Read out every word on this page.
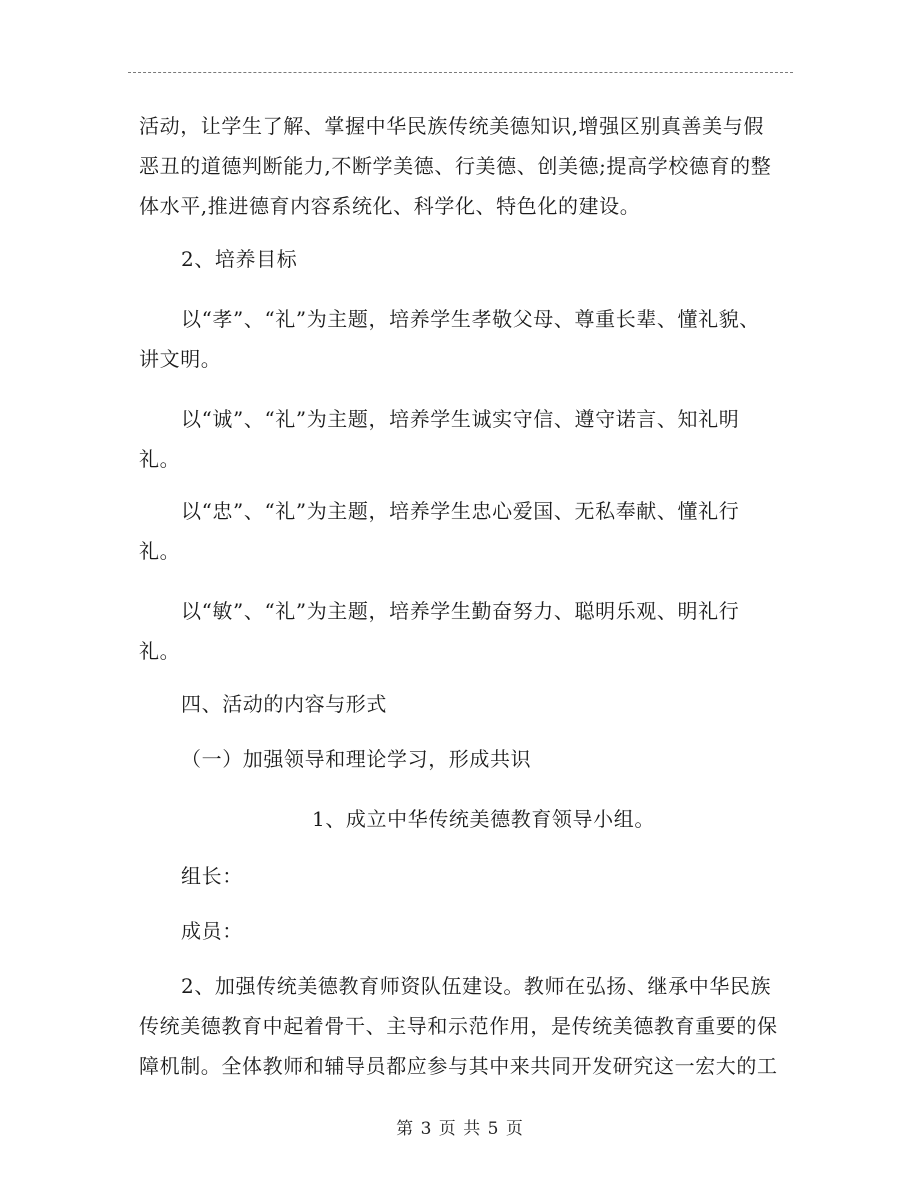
活动，让学生了解、掌握中华民族传统美德知识,增强区别真善美与假
恶丑的道德判断能力,不断学美德、行美德、创美德;提高学校德育的整
体水平,推进德育内容系统化、科学化、特色化的建设。
2、培养目标
以“孝”、“礼”为主题，培养学生孝敬父母、尊重长辈、懂礼貌、
讲文明。
以“诚”、“礼”为主题，培养学生诚实守信、遵守诺言、知礼明
礼。
以“忠”、“礼”为主题，培养学生忠心爱国、无私奉献、懂礼行
礼。
以“敏”、“礼”为主题，培养学生勤奋努力、聪明乐观、明礼行
礼。
四、活动的内容与形式
（一）加强领导和理论学习，形成共识
1、成立中华传统美德教育领导小组。
组长：
成员：
2、加强传统美德教育师资队伍建设。教师在弘扬、继承中华民族
传统美德教育中起着骨干、主导和示范作用，是传统美德教育重要的保
障机制。全体教师和辅导员都应参与其中来共同开发研究这一宏大的工
第 3 页 共 5 页
